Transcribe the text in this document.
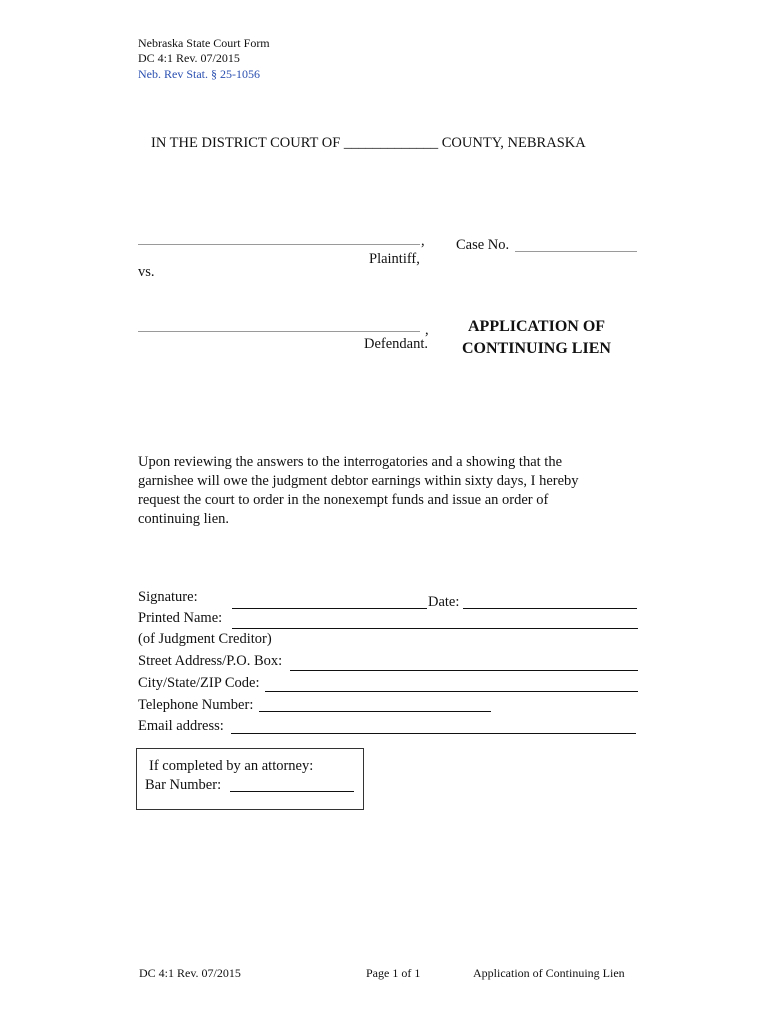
Nebraska State Court Form
DC 4:1 Rev. 07/2015
Neb. Rev Stat. § 25-1056
IN THE DISTRICT COURT OF _____________ COUNTY, NEBRASKA
,
Plaintiff,
Case No.
vs.
,
Defendant.
APPLICATION OF
CONTINUING LIEN
Upon reviewing the answers to the interrogatories and a showing that the garnishee will owe the judgment debtor earnings within sixty days, I hereby request the court to order in the nonexempt funds and issue an order of continuing lien.
Signature:	Date:
Printed Name:
(of Judgment Creditor)
Street Address/P.O. Box:
City/State/ZIP Code:
Telephone Number:
Email address:
If completed by an attorney:
Bar Number:
DC 4:1 Rev. 07/2015	Page 1 of 1	Application of Continuing Lien
